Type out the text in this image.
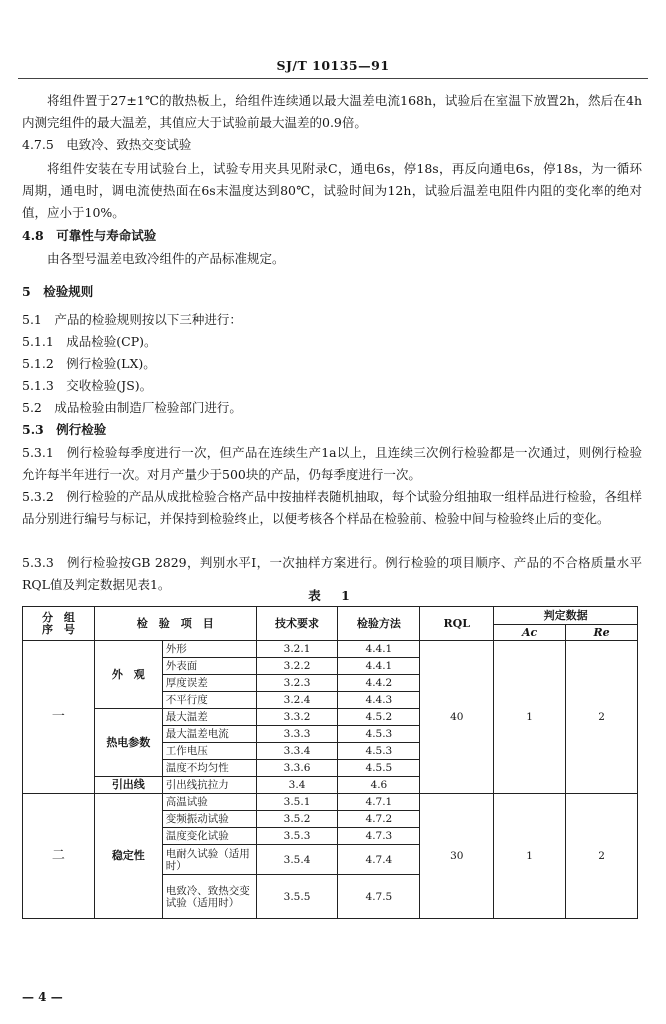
SJ/T 10135—91
将组件置于27±1℃的散热板上，给组件连续通以最大温差电流168h，试验后在室温下放置2h，然后在4h内测完组件的最大温差，其值应大于试验前最大温差的0.9倍。
4.7.5　电致冷、致热交变试验
将组件安装在专用试验台上，试验专用夹具见附录C，通电6s，停18s，再反向通电6s，停18s，为一循环周期，通电时，调电流使热面在6s末温度达到80℃，试验时间为12h，试验后温差电阻件内阻的变化率的绝对值，应小于10%。
4.8　可靠性与寿命试验
由各型号温差电致冷组件的产品标准规定。
5　检验规则
5.1　产品的检验规则按以下三种进行：
5.1.1　成品检验(CP)。
5.1.2　例行检验(LX)。
5.1.3　交收检验(JS)。
5.2　成品检验由制造厂检验部门进行。
5.3　例行检验
5.3.1　例行检验每季度进行一次，但产品在连续生产1a以上，且连续三次例行检验都是一次通过，则例行检验允许每半年进行一次。对月产量少于500块的产品，仍每季度进行一次。
5.3.2　例行检验的产品从成批检验合格产品中按抽样表随机抽取，每个试验分组抽取一组样品进行检验，各组样品分别进行编号与标记，并保持到检验终止，以便考核各个样品在检验前、检验中间与检验终止后的变化。
5.3.3　例行检验按GB 2829，判别水平Ⅰ，一次抽样方案进行。例行检验的项目顺序、产品的不合格质量水平RQL值及判定数据见表1。
表 1
分　组
序　号	检　验　项　目		技术要求	检验方法	RQL	判定数据	
						Ac	Re
一	外　观	外形	3.2.1	4.4.1	40	1	2
		外表面	3.2.2	4.4.1			
		厚度误差	3.2.3	4.4.2			
		不平行度	3.2.4	4.4.3			
	热电参数	最大温差	3.3.2	4.5.2			
		最大温差电流	3.3.3	4.5.3			
		工作电压	3.3.4	4.5.3			
		温度不均匀性	3.3.6	4.5.5			
	引出线	引出线抗拉力	3.4	4.6			
二	稳定性	高温试验	3.5.1	4.7.1	30	1	2
		变频振动试验	3.5.2	4.7.2			
		温度变化试验	3.5.3	4.7.3			
		电耐久试验（适用时）	3.5.4	4.7.4			
		电致冷、致热交变试验（适用时）	3.5.5	4.7.5			
— 4 —
